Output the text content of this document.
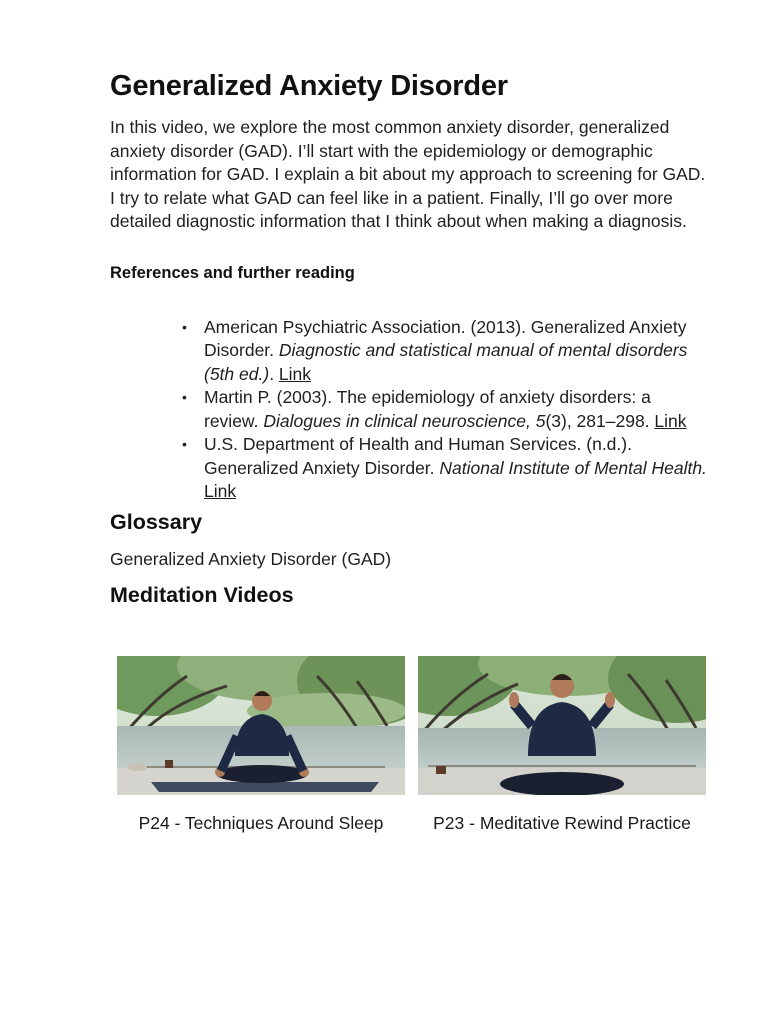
Generalized Anxiety Disorder

In this video, we explore the most common anxiety disorder, generalized anxiety disorder (GAD). I’ll start with the epidemiology or demographic information for GAD. I explain a bit about my approach to screening for GAD. I try to relate what GAD can feel like in a patient. Finally, I’ll go over more detailed diagnostic information that I think about when making a diagnosis.

References and further reading
• American Psychiatric Association. (2013). Generalized Anxiety Disorder. Diagnostic and statistical manual of mental disorders (5th ed.). Link
• Martin P. (2003). The epidemiology of anxiety disorders: a review. Dialogues in clinical neuroscience, 5(3), 281–298. Link
• U.S. Department of Health and Human Services. (n.d.). Generalized Anxiety Disorder. National Institute of Mental Health. Link
Glossary

Generalized Anxiety Disorder (GAD)

Meditation Videos
P24 - Techniques Around Sleep	P23 - Meditative Rewind Practice
